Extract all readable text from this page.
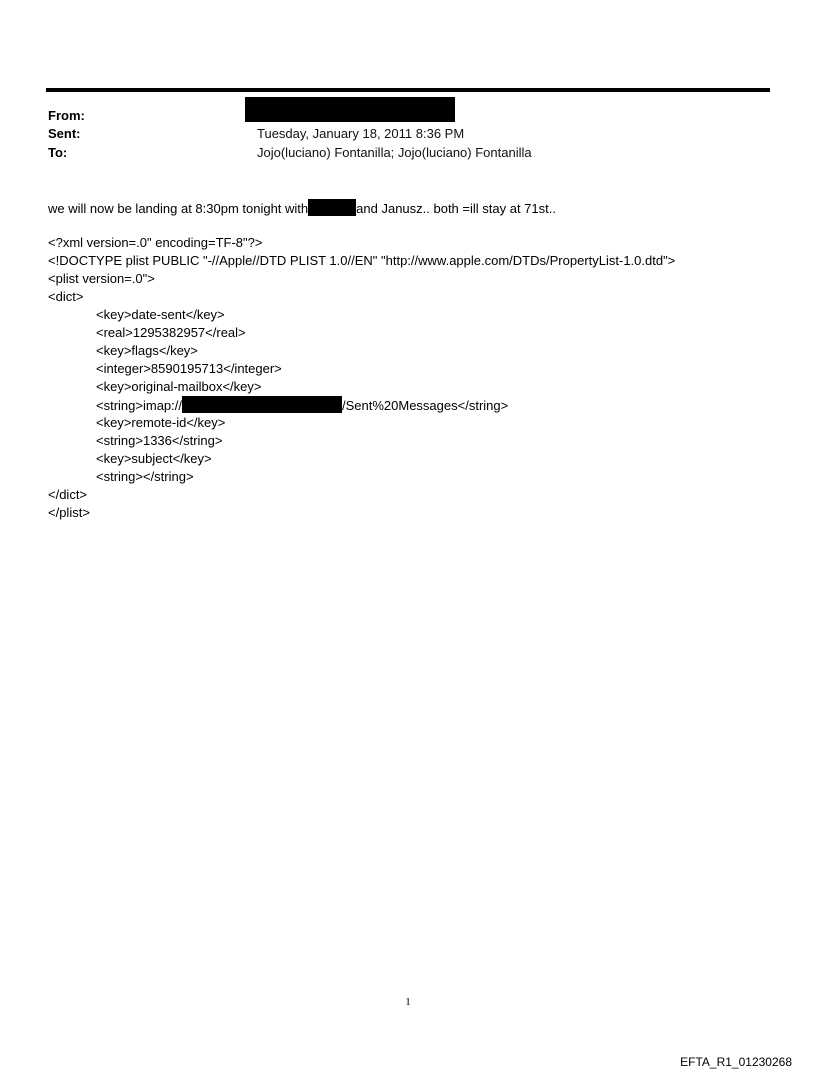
From:
Sent:	Tuesday, January 18, 2011 8:36 PM
To:	Jojo(luciano) Fontanilla; Jojo(luciano) Fontanilla
we will now be landing at 8:30pm tonight with	and Janusz.. both =ill stay at 71st..
<?xml version=.0" encoding=TF-8"?>
<!DOCTYPE plist PUBLIC "-//Apple//DTD PLIST 1.0//EN" "http://www.apple.com/DTDs/PropertyList-1.0.dtd">
<plist version=.0">
<dict>
<key>date-sent</key>
<real>1295382957</real>
<key>flags</key>
<integer>8590195713</integer>
<key>original-mailbox</key>
<string>imap://	/Sent%20Messages</string>
<key>remote-id</key>
<string>1336</string>
<key>subject</key>
<string></string>
</dict>
</plist>
1
EFTA_R1_01230268
